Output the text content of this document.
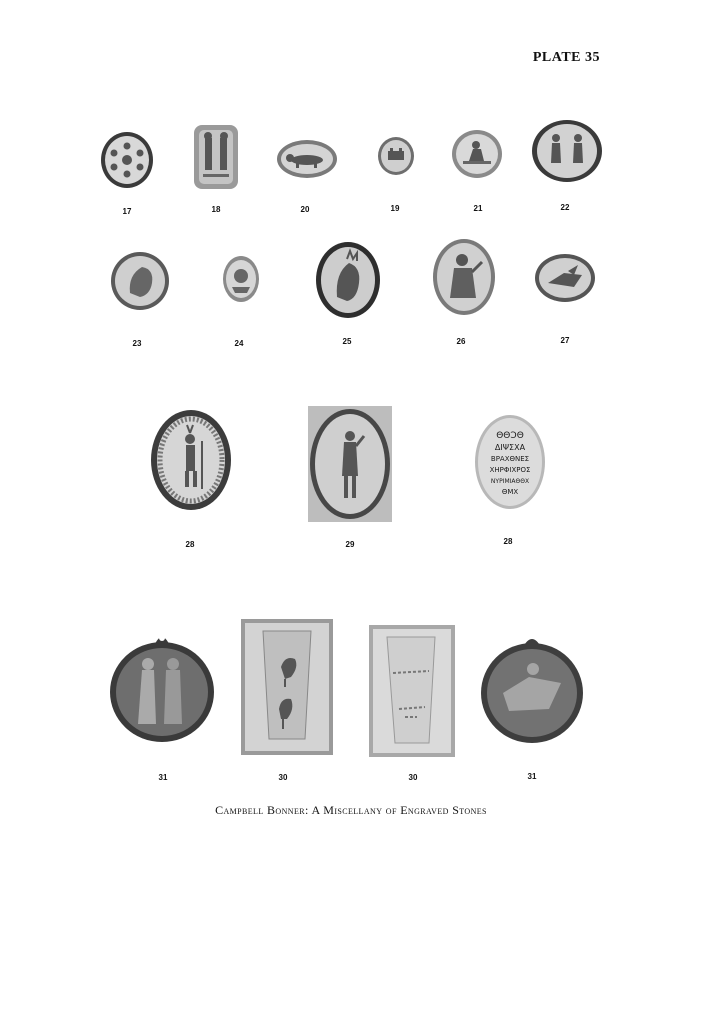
PLATE 35
17	18	20	19	21	22
23	24	25	26	27
ΘΘϽΘ
ΔΙΨΣΧΑ
ΒΡΑΧΘΝΕΣ
ΧΗΡΦΙΧΡΟΣ
ΝΥΡΙΜΙΑΘΘΧ
ΘΜΧ
28	29	28
31	30	30	31
Campbell Bonner: A Miscellany of Engraved Stones
